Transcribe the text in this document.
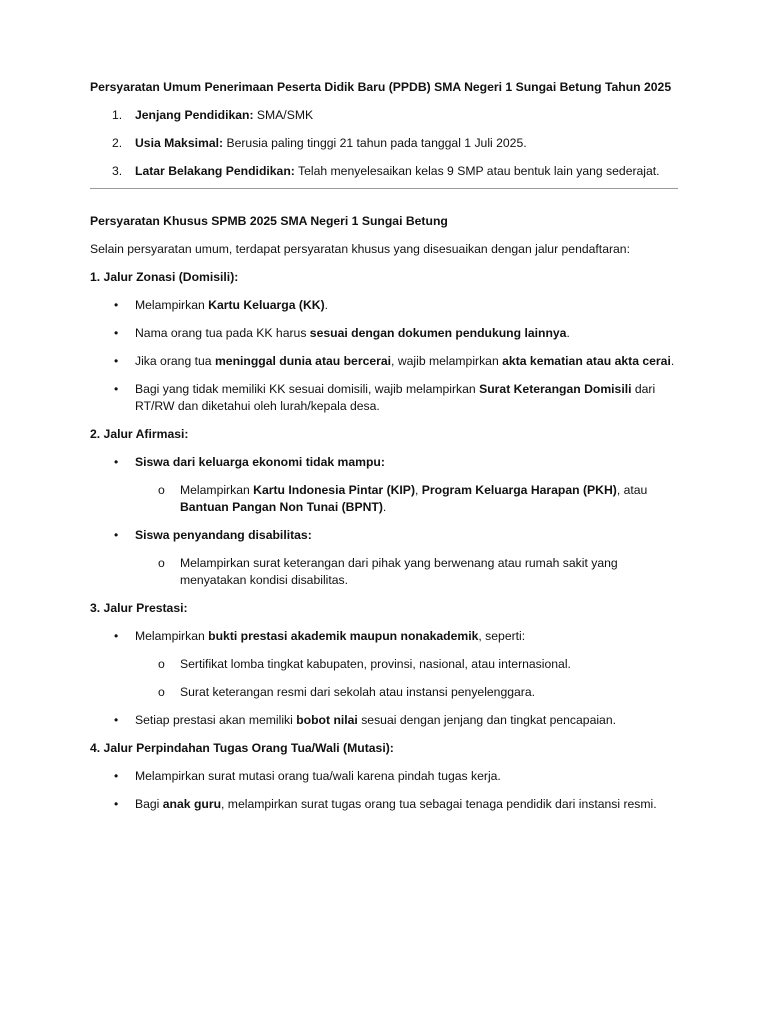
Persyaratan Umum Penerimaan Peserta Didik Baru (PPDB) SMA Negeri 1 Sungai Betung Tahun 2025

1. Jenjang Pendidikan: SMA/SMK
2. Usia Maksimal: Berusia paling tinggi 21 tahun pada tanggal 1 Juli 2025.
3. Latar Belakang Pendidikan: Telah menyelesaikan kelas 9 SMP atau bentuk lain yang sederajat.

Persyaratan Khusus SPMB 2025 SMA Negeri 1 Sungai Betung

Selain persyaratan umum, terdapat persyaratan khusus yang disesuaikan dengan jalur pendaftaran:

1. Jalur Zonasi (Domisili):

• Melampirkan Kartu Keluarga (KK).
• Nama orang tua pada KK harus sesuai dengan dokumen pendukung lainnya.
• Jika orang tua meninggal dunia atau bercerai, wajib melampirkan akta kematian atau akta cerai.
• Bagi yang tidak memiliki KK sesuai domisili, wajib melampirkan Surat Keterangan Domisili dari RT/RW dan diketahui oleh lurah/kepala desa.

2. Jalur Afirmasi:

• Siswa dari keluarga ekonomi tidak mampu:
o Melampirkan Kartu Indonesia Pintar (KIP), Program Keluarga Harapan (PKH), atau Bantuan Pangan Non Tunai (BPNT).
• Siswa penyandang disabilitas:
o Melampirkan surat keterangan dari pihak yang berwenang atau rumah sakit yang menyatakan kondisi disabilitas.

3. Jalur Prestasi:

• Melampirkan bukti prestasi akademik maupun nonakademik, seperti:
o Sertifikat lomba tingkat kabupaten, provinsi, nasional, atau internasional.
o Surat keterangan resmi dari sekolah atau instansi penyelenggara.
• Setiap prestasi akan memiliki bobot nilai sesuai dengan jenjang dan tingkat pencapaian.

4. Jalur Perpindahan Tugas Orang Tua/Wali (Mutasi):

• Melampirkan surat mutasi orang tua/wali karena pindah tugas kerja.
• Bagi anak guru, melampirkan surat tugas orang tua sebagai tenaga pendidik dari instansi resmi.
